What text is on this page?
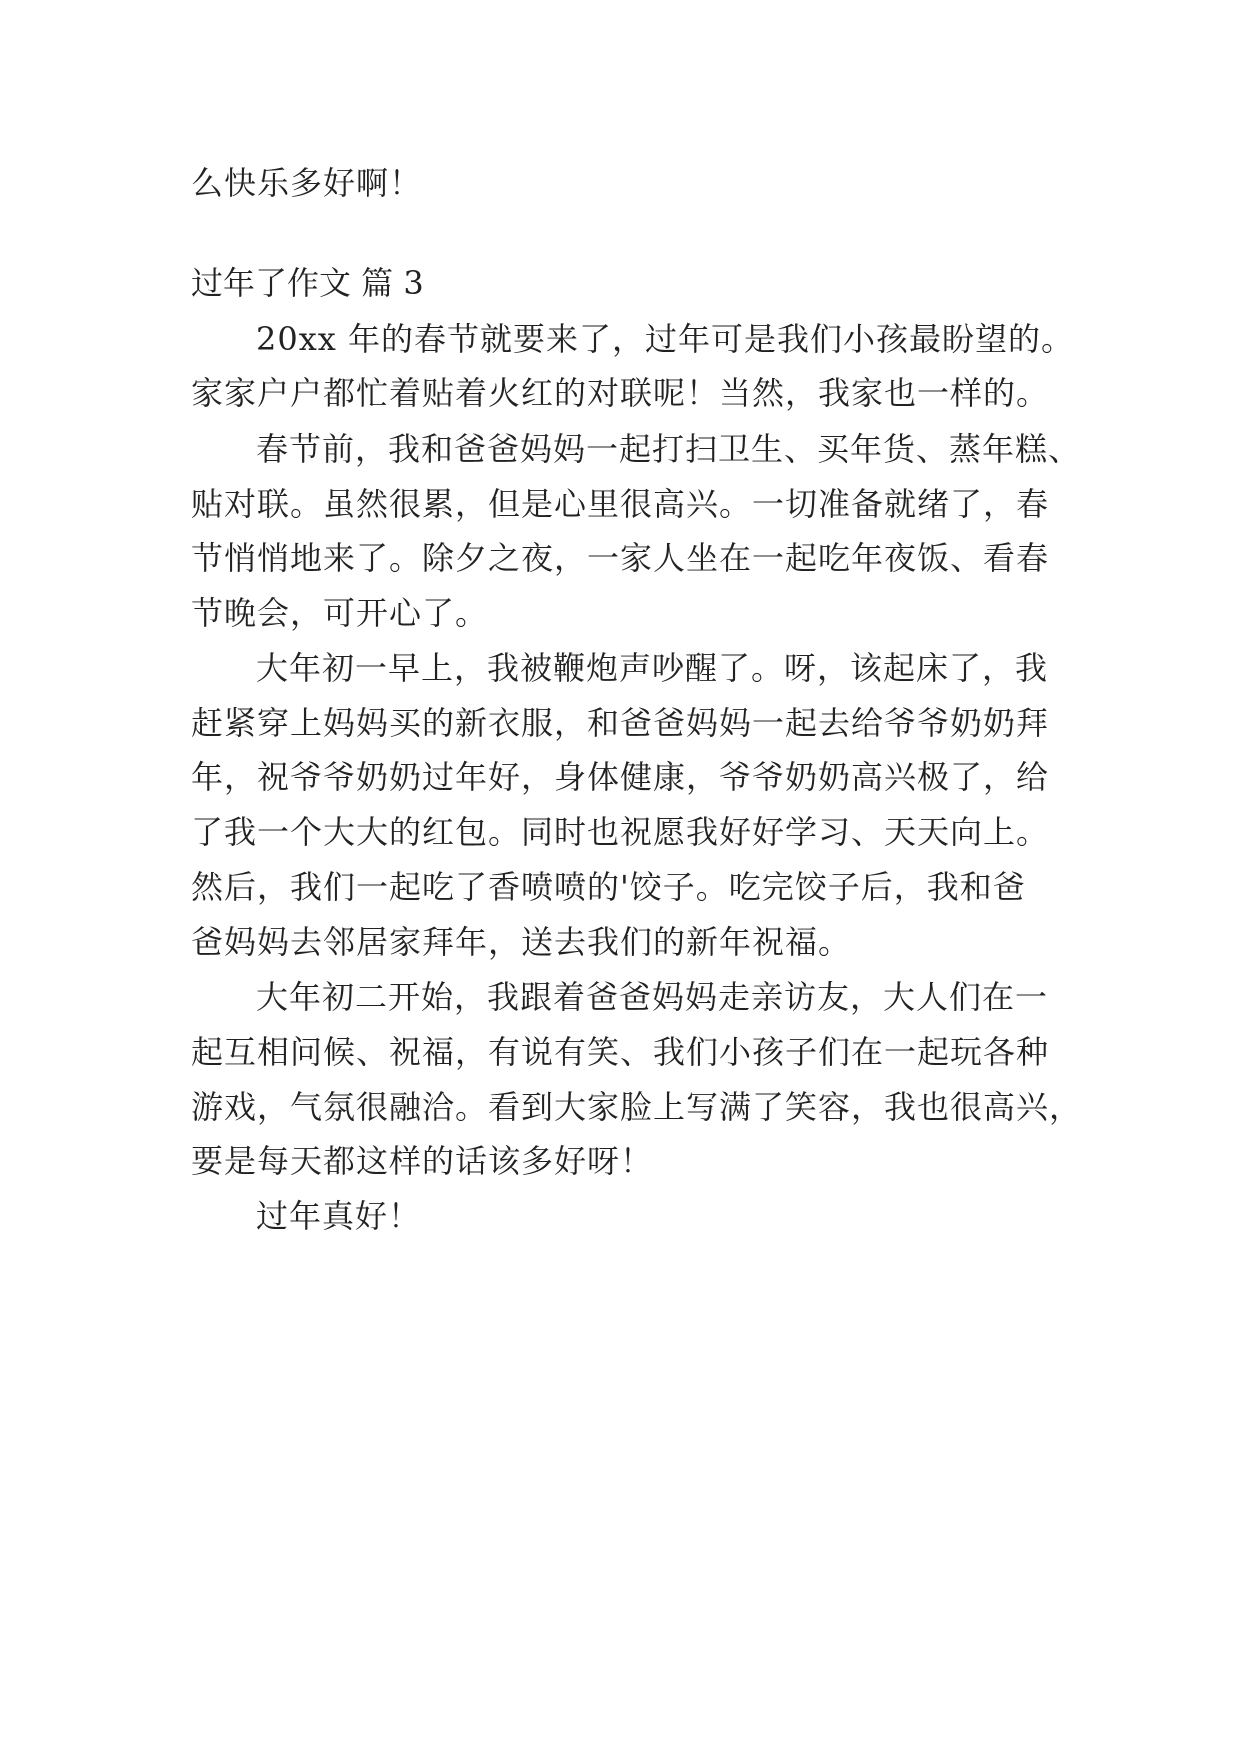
么快乐多好啊！
过年了作文 篇 3
20xx 年的春节就要来了，过年可是我们小孩最盼望的。
家家户户都忙着贴着火红的对联呢！当然，我家也一样的。
春节前，我和爸爸妈妈一起打扫卫生、买年货、蒸年糕、
贴对联。虽然很累，但是心里很高兴。一切准备就绪了，春
节悄悄地来了。除夕之夜，一家人坐在一起吃年夜饭、看春
节晚会，可开心了。
大年初一早上，我被鞭炮声吵醒了。呀，该起床了，我
赶紧穿上妈妈买的新衣服，和爸爸妈妈一起去给爷爷奶奶拜
年，祝爷爷奶奶过年好，身体健康，爷爷奶奶高兴极了，给
了我一个大大的红包。同时也祝愿我好好学习、天天向上。
然后，我们一起吃了香喷喷的'饺子。吃完饺子后，我和爸
爸妈妈去邻居家拜年，送去我们的新年祝福。
大年初二开始，我跟着爸爸妈妈走亲访友，大人们在一
起互相问候、祝福，有说有笑、我们小孩子们在一起玩各种
游戏，气氛很融洽。看到大家脸上写满了笑容，我也很高兴，
要是每天都这样的话该多好呀！
过年真好！
